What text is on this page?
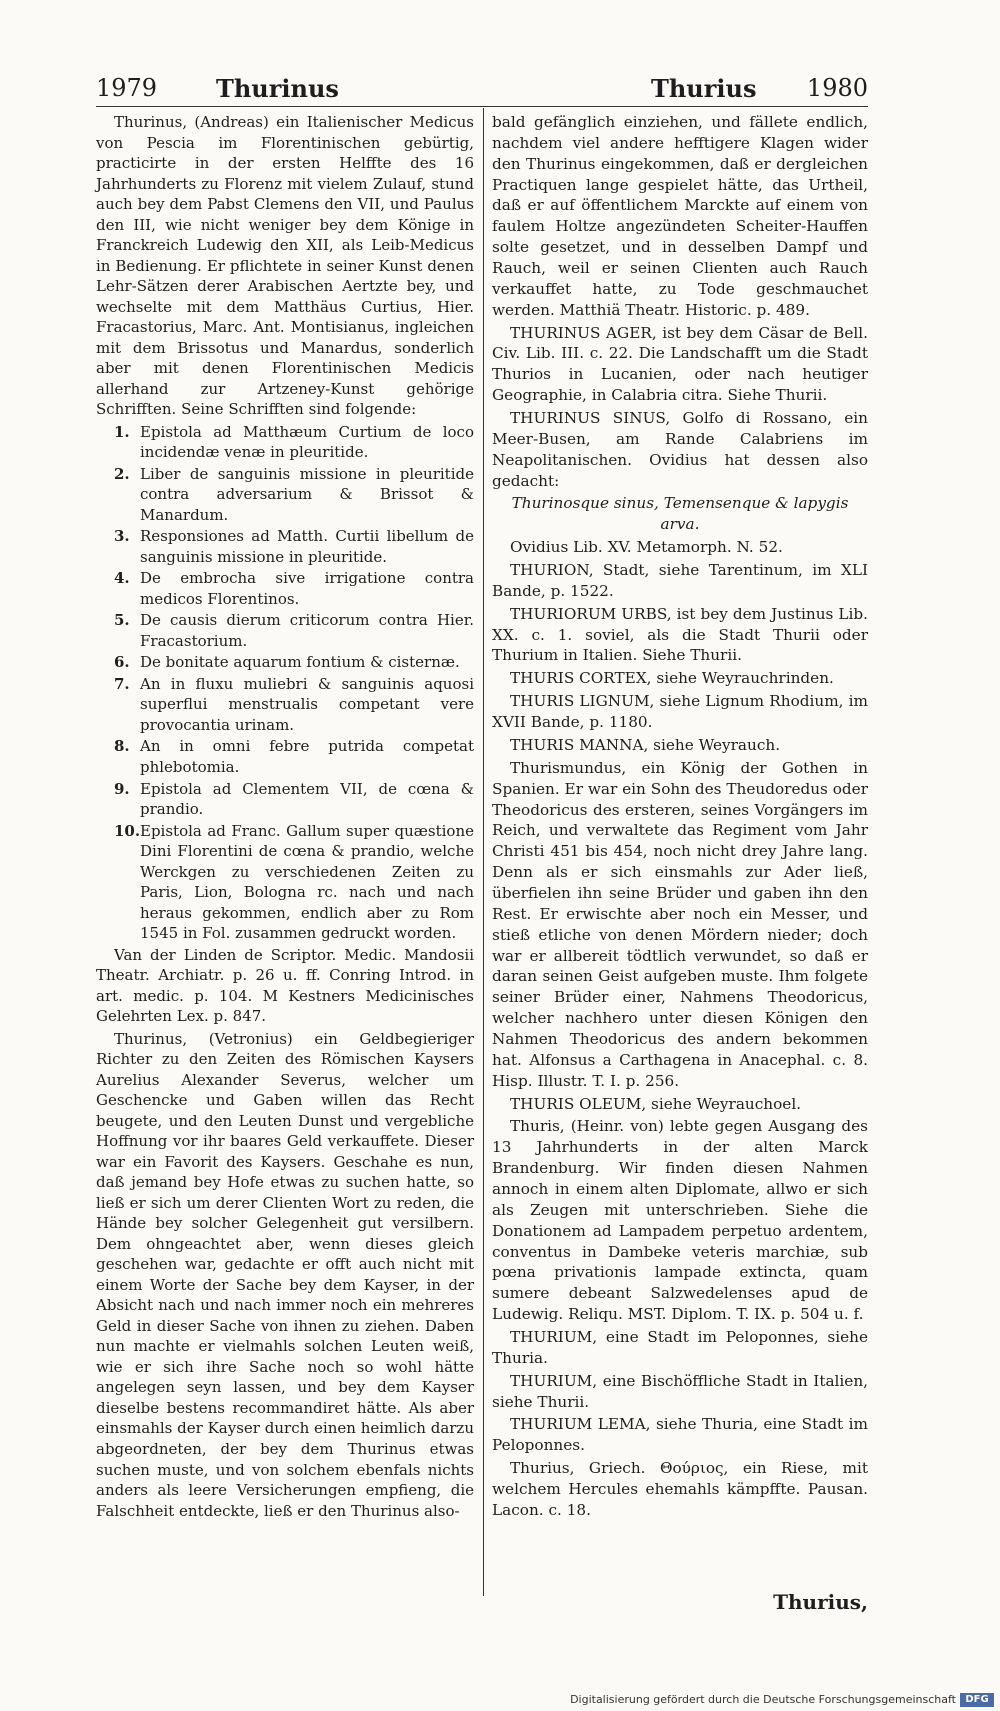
1979 Thurinus	Thurius 1980

Thurinus, (Andreas) ein Italienischer Medicus von Pescia im Florentinischen gebürtig, practicirte in der ersten Helffte des 16 Jahrhunderts zu Florenz mit vielem Zulauf, stund auch bey dem Pabst Clemens den VII, und Paulus den III, wie nicht weniger bey dem Könige in Franckreich Ludewig den XII, als Leib-Medicus in Bedienung. Er pflichtete in seiner Kunst denen Lehr-Sätzen derer Arabischen Aertzte bey, und wechselte mit dem Matthäus Curtius, Hier. Fracastorius, Marc. Ant. Montisianus, ingleichen mit dem Brissotus und Manardus, sonderlich aber mit denen Florentinischen Medicis allerhand zur Artzeney-Kunst gehörige Schrifften. Seine Schrifften sind folgende:

1. Epistola ad Matthæum Curtium de loco incidendæ venæ in pleuritide.
2. Liber de sanguinis missione in pleuritide contra adversarium & Brissot & Manardum.
3. Responsiones ad Matth. Curtii libellum de sanguinis missione in pleuritide.
4. De embrocha sive irrigatione contra medicos Florentinos.
5. De causis dierum criticorum contra Hier. Fracastorium.
6. De bonitate aquarum fontium & cisternæ.
7. An in fluxu muliebri & sanguinis aquosi superflui menstrualis competant vere provocantia urinam.
8. An in omni febre putrida competat phlebotomia.
9. Epistola ad Clementem VII, de cœna & prandio.
10. Epistola ad Franc. Gallum super quæstione Dini Florentini de cœna & prandio, welche Werckgen zu verschiedenen Zeiten zu Paris, Lion, Bologna rc. nach und nach heraus gekommen, endlich aber zu Rom 1545 in Fol. zusammen gedruckt worden.

Van der Linden de Scriptor. Medic. Mandosii Theatr. Archiatr. p. 26 u. ff. Conring Introd. in art. medic. p. 104. M Kestners Medicinisches Gelehrten Lex. p. 847.

Thurinus, (Vetronius) ein Geldbegieriger Richter zu den Zeiten des Römischen Kaysers Aurelius Alexander Severus, welcher um Geschencke und Gaben willen das Recht beugete, und den Leuten Dunst und vergebliche Hoffnung vor ihr baares Geld verkauffete. Dieser war ein Favorit des Kaysers. Geschahe es nun, daß jemand bey Hofe etwas zu suchen hatte, so ließ er sich um derer Clienten Wort zu reden, die Hände bey solcher Gelegenheit gut versilbern. Dem ohngeachtet aber, wenn dieses gleich geschehen war, gedachte er offt auch nicht mit einem Worte der Sache bey dem Kayser, in der Absicht nach und nach immer noch ein mehreres Geld in dieser Sache von ihnen zu ziehen. Daben nun machte er vielmahls solchen Leuten weiß, wie er sich ihre Sache noch so wohl hätte angelegen seyn lassen, und bey dem Kayser dieselbe bestens recommandiret hätte. Als aber einsmahls der Kayser durch einen heimlich darzu abgeordneten, der bey dem Thurinus etwas suchen muste, und von solchem ebenfals nichts anders als leere Versicherungen empfieng, die Falschheit entdeckte, ließ er den Thurinus also-

bald gefänglich einziehen, und fällete endlich, nachdem viel andere hefftigere Klagen wider den Thurinus eingekommen, daß er dergleichen Practiquen lange gespielet hätte, das Urtheil, daß er auf öffentlichem Marckte auf einem von faulem Holtze angezündeten Scheiter-Hauffen solte gesetzet, und in desselben Dampf und Rauch, weil er seinen Clienten auch Rauch verkauffet hatte, zu Tode geschmauchet werden. Matthiä Theatr. Historic. p. 489.

THURINUS AGER, ist bey dem Cäsar de Bell. Civ. Lib. III. c. 22. Die Landschafft um die Stadt Thurios in Lucanien, oder nach heutiger Geographie, in Calabria citra. Siehe Thurii.

THURINUS SINUS, Golfo di Rossano, ein Meer-Busen, am Rande Calabriens im Neapolitanischen. Ovidius hat dessen also gedacht:

Thurinosque sinus, Temensenque & lapygis arva.

Ovidius Lib. XV. Metamorph. N. 52.

THURION, Stadt, siehe Tarentinum, im XLI Bande, p. 1522.

THURIORUM URBS, ist bey dem Justinus Lib. XX. c. 1. soviel, als die Stadt Thurii oder Thurium in Italien. Siehe Thurii.

THURIS CORTEX, siehe Weyrauchrinden.

THURIS LIGNUM, siehe Lignum Rhodium, im XVII Bande, p. 1180.

THURIS MANNA, siehe Weyrauch.

Thurismundus, ein König der Gothen in Spanien. Er war ein Sohn des Theudoredus oder Theodoricus des ersteren, seines Vorgängers im Reich, und verwaltete das Regiment vom Jahr Christi 451 bis 454, noch nicht drey Jahre lang. Denn als er sich einsmahls zur Ader ließ, überfielen ihn seine Brüder und gaben ihn den Rest. Er erwischte aber noch ein Messer, und stieß etliche von denen Mördern nieder; doch war er allbereit tödtlich verwundet, so daß er daran seinen Geist aufgeben muste. Ihm folgete seiner Brüder einer, Nahmens Theodoricus, welcher nachhero unter diesen Königen den Nahmen Theodoricus des andern bekommen hat. Alfonsus a Carthagena in Anacephal. c. 8. Hisp. Illustr. T. I. p. 256.

THURIS OLEUM, siehe Weyrauchoel.

Thuris, (Heinr. von) lebte gegen Ausgang des 13 Jahrhunderts in der alten Marck Brandenburg. Wir finden diesen Nahmen annoch in einem alten Diplomate, allwo er sich als Zeugen mit unterschrieben. Siehe die Donationem ad Lampadem perpetuo ardentem, conventus in Dambeke veteris marchiæ, sub pœna privationis lampade extincta, quam sumere debeant Salzwedelenses apud de Ludewig. Reliqu. MST. Diplom. T. IX. p. 504 u. f.

THURIUM, eine Stadt im Peloponnes, siehe Thuria.

THURIUM, eine Bischöffliche Stadt in Italien, siehe Thurii.

THURIUM LEMA, siehe Thuria, eine Stadt im Peloponnes.

Thurius, Griech. Θούριος, ein Riese, mit welchem Hercules ehemahls kämpffte. Pausan. Lacon. c. 18.

Thurius,
Digitalisierung gefördert durch die Deutsche Forschungsgemeinschaft DFG
